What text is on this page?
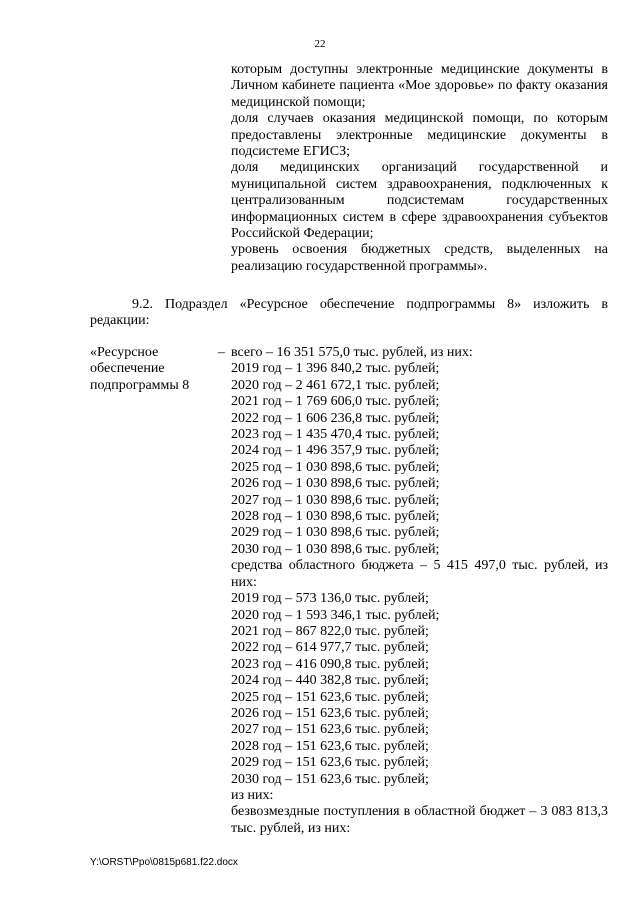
22

которым доступны электронные медицинские документы в Личном кабинете пациента «Мое здоровье» по факту оказания медицинской помощи;

доля случаев оказания медицинской помощи, по которым предоставлены электронные медицинские документы в подсистеме ЕГИСЗ;

доля медицинских организаций государственной и муниципальной систем здравоохранения, подключенных к централизованным подсистемам государственных информационных систем в сфере здравоохранения субъектов Российской Федерации;

уровень освоения бюджетных средств, выделенных на реализацию государственной программы».

9.2. Подраздел «Ресурсное обеспечение подпрограммы 8» изложить в редакции:

«Ресурсное обеспечение подпрограммы 8
– всего – 16 351 575,0 тыс. рублей, из них:
2019 год – 1 396 840,2 тыс. рублей;
2020 год – 2 461 672,1 тыс. рублей;
2021 год – 1 769 606,0 тыс. рублей;
2022 год – 1 606 236,8 тыс. рублей;
2023 год – 1 435 470,4 тыс. рублей;
2024 год – 1 496 357,9 тыс. рублей;
2025 год – 1 030 898,6 тыс. рублей;
2026 год – 1 030 898,6 тыс. рублей;
2027 год – 1 030 898,6 тыс. рублей;
2028 год – 1 030 898,6 тыс. рублей;
2029 год – 1 030 898,6 тыс. рублей;
2030 год – 1 030 898,6 тыс. рублей;
средства областного бюджета – 5 415 497,0 тыс. рублей, из них:
2019 год – 573 136,0 тыс. рублей;
2020 год – 1 593 346,1 тыс. рублей;
2021 год – 867 822,0 тыс. рублей;
2022 год – 614 977,7 тыс. рублей;
2023 год – 416 090,8 тыс. рублей;
2024 год – 440 382,8 тыс. рублей;
2025 год – 151 623,6 тыс. рублей;
2026 год – 151 623,6 тыс. рублей;
2027 год – 151 623,6 тыс. рублей;
2028 год – 151 623,6 тыс. рублей;
2029 год – 151 623,6 тыс. рублей;
2030 год – 151 623,6 тыс. рублей;
из них:
безвозмездные поступления в областной бюджет – 3 083 813,3 тыс. рублей, из них:
Y:\ORST\Ppo\0815p681.f22.docx
